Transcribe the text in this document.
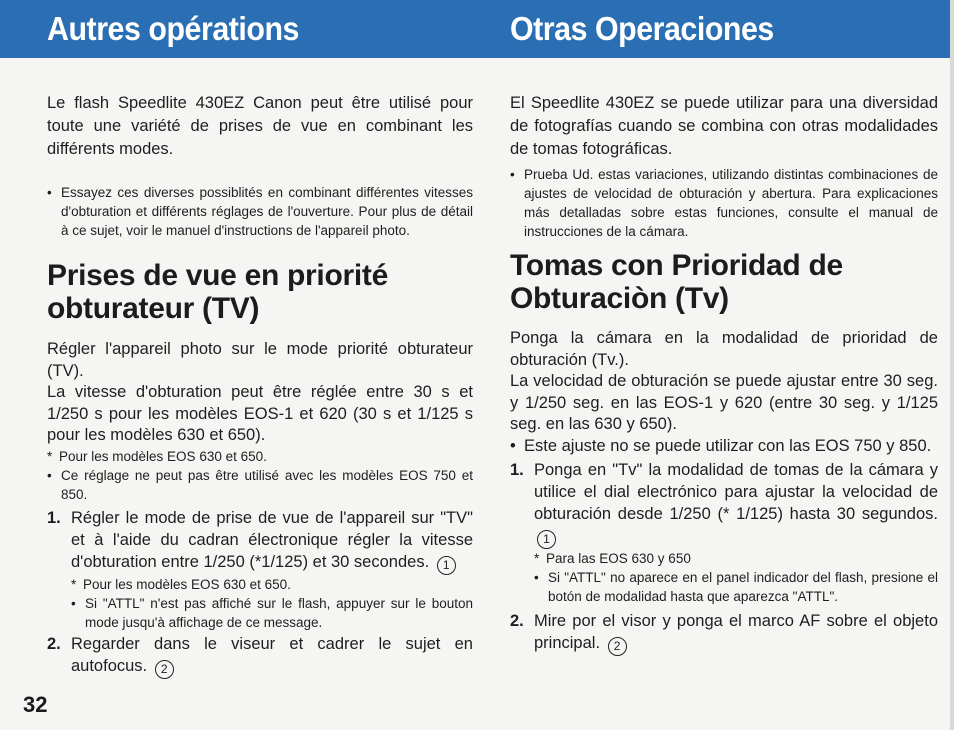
Autres opérations	Otras Operaciones

Le flash Speedlite 430EZ Canon peut être utilisé pour toute une variété de prises de vue en combinant les différents modes.

• Essayez ces diverses possiblités en combinant différentes vitesses d'obturation et différents réglages de l'ouverture. Pour plus de détail à ce sujet, voir le manuel d'instructions de l'appareil photo.

Prises de vue en priorité obturateur (TV)

Régler l'appareil photo sur le mode priorité obturateur (TV).

La vitesse d'obturation peut être réglée entre 30 s et 1/250 s pour les modèles EOS-1 et 620 (30 s et 1/125 s pour les modèles 630 et 650).

* Pour les modèles EOS 630 et 650.

• Ce réglage ne peut pas être utilisé avec les modèles EOS 750 et 850.

1. Régler le mode de prise de vue de l'appareil sur "TV" et à l'aide du cadran électronique régler la vitesse d'obturation entre 1/250 (*1/125) et 30 secondes. 1

* Pour les modèles EOS 630 et 650.

• Si "ATTL" n'est pas affiché sur le flash, appuyer sur le bouton mode jusqu'à affichage de ce message.

2. Regarder dans le viseur et cadrer le sujet en autofocus. 2

El Speedlite 430EZ se puede utilizar para una diversidad de fotografías cuando se combina con otras modalidades de tomas fotográficas.

• Prueba Ud. estas variaciones, utilizando distintas combinaciones de ajustes de velocidad de obturación y abertura. Para explicaciones más detalladas sobre estas funciones, consulte el manual de instrucciones de la cámara.

Tomas con Prioridad de Obturaciòn (Tv)

Ponga la cámara en la modalidad de prioridad de obturación (Tv.).

La velocidad de obturación se puede ajustar entre 30 seg. y 1/250 seg. en las EOS-1 y 620 (entre 30 seg. y 1/125 seg. en las 630 y 650).

• Este ajuste no se puede utilizar con las EOS 750 y 850.

1. Ponga en "Tv" la modalidad de tomas de la cámara y utilice el dial electrónico para ajustar la velocidad de obturación desde 1/250 (* 1/125) hasta 30 segundos. 1

* Para las EOS 630 y 650

• Si "ATTL" no aparece en el panel indicador del flash, presione el botón de modalidad hasta que aparezca "ATTL".

2. Mire por el visor y ponga el marco AF sobre el objeto principal. 2
32
